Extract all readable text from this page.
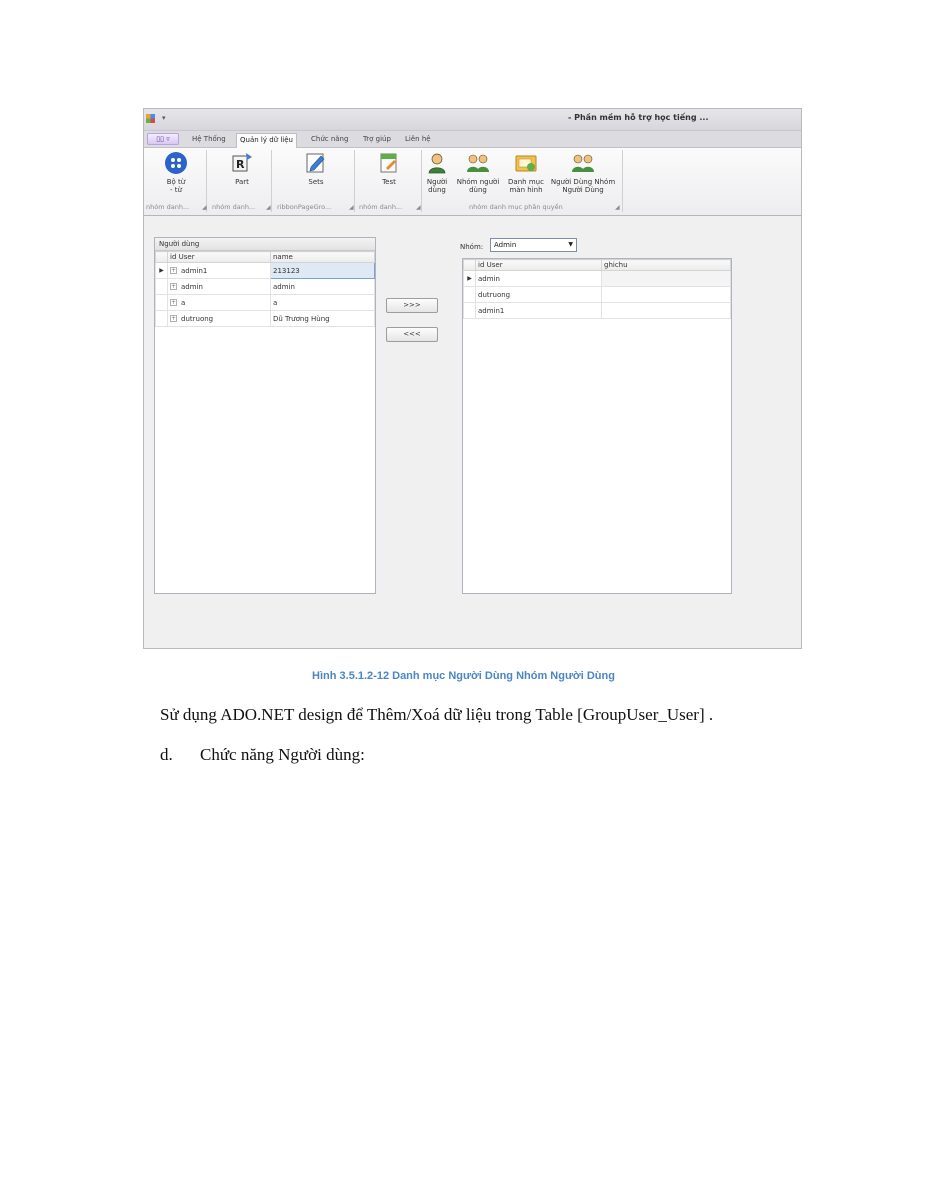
▾	- Phần mềm hỗ trợ học tiếng ...
▯▯ ▿	Hệ Thống	Quản lý dữ liệu	Chức năng	Trợ giúp	Liên hệ
Bộ từ
- từ
R
Part	Sets	Test	Người
dùng
Nhóm người
dùng
Danh mục
màn hình
Người Dùng Nhóm
Người Dùng
nhóm danh... ◢ nhóm danh... ◢ ribbonPageGro...	◢ nhóm danh... ◢	nhóm danh mục phân quyền	◢
Người dùng
	id User	name
▶	+ admin1	213123
	+ admin	admin
	+ a	a
	+ dutruong	Dũ Trương Hùng
>>>
<<<
Nhóm:	Admin	▼
	id User	ghichu
▶	admin	
	dutruong	
	admin1	
Hình 3.5.1.2-12 Danh mục Người Dùng Nhóm Người Dùng
Sử dụng ADO.NET design để Thêm/Xoá dữ liệu trong Table [GroupUser_User] .
d. Chức năng Người dùng:
